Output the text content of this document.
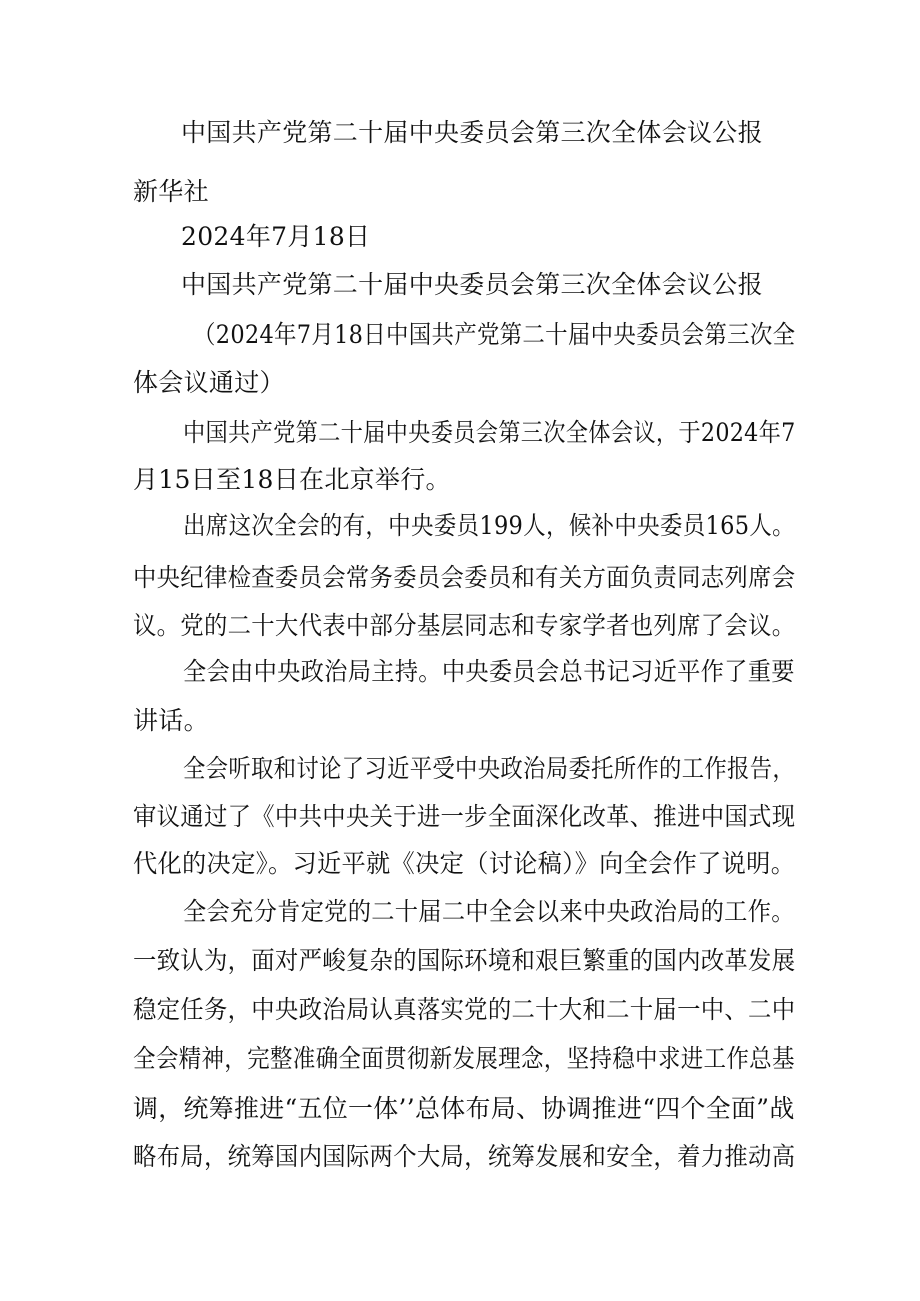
中国共产党第二十届中央委员会第三次全体会议公报
新华社
2024年7月18日
中国共产党第二十届中央委员会第三次全体会议公报
（2024年7月18日中国共产党第二十届中央委员会第三次全
体会议通过）
中国共产党第二十届中央委员会第三次全体会议，于2024年7
月15日至18日在北京举行。
出席这次全会的有，中央委员199人，候补中央委员165人。
中央纪律检查委员会常务委员会委员和有关方面负责同志列席会
议。党的二十大代表中部分基层同志和专家学者也列席了会议。
全会由中央政治局主持。中央委员会总书记习近平作了重要
讲话。
全会听取和讨论了习近平受中央政治局委托所作的工作报告，
审议通过了《中共中央关于进一步全面深化改革、推进中国式现
代化的决定》。习近平就《决定（讨论稿）》向全会作了说明。
全会充分肯定党的二十届二中全会以来中央政治局的工作。
一致认为，面对严峻复杂的国际环境和艰巨繁重的国内改革发展
稳定任务，中央政治局认真落实党的二十大和二十届一中、二中
全会精神，完整准确全面贯彻新发展理念，坚持稳中求进工作总基
调，统筹推进“五位一体’’总体布局、协调推进“四个全面”战
略布局，统筹国内国际两个大局，统筹发展和安全，着力推动高
